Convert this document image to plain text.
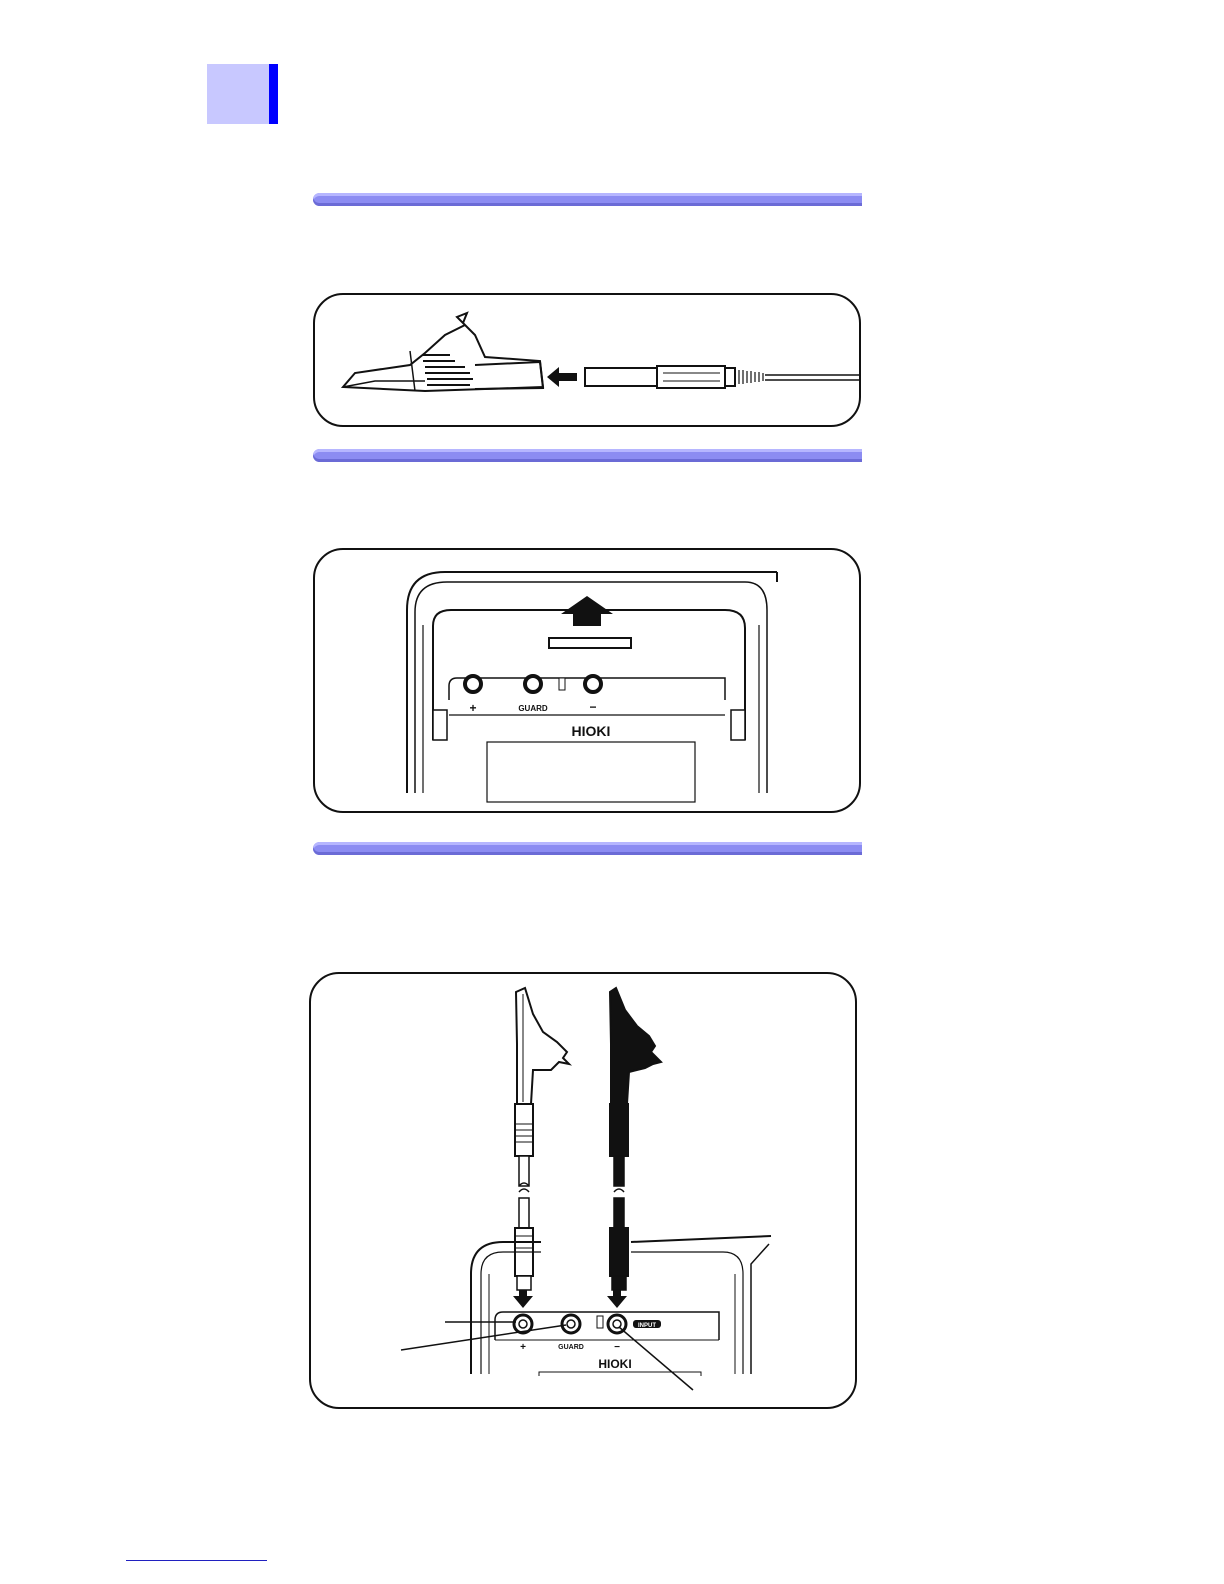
+	GUARD	−
HIOKI
INPUT
+	GUARD	−
HIOKI
